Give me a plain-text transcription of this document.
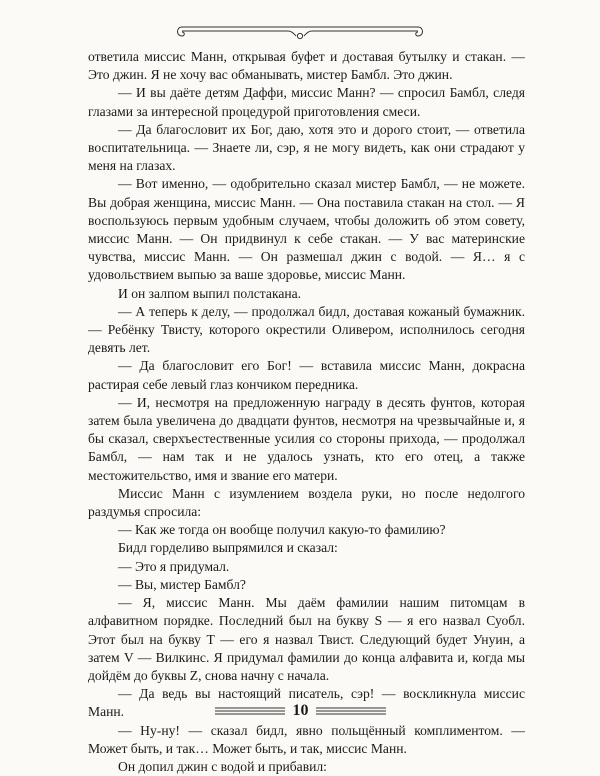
ответила миссис Манн, открывая буфет и доставая бутылку и стакан. — Это джин. Я не хочу вас обманывать, мистер Бамбл. Это джин.

— И вы даёте детям Даффи, миссис Манн? — спросил Бамбл, следя глазами за интересной процедурой приготовления смеси.

— Да благословит их Бог, даю, хотя это и дорого стоит, — ответила воспитательница. — Знаете ли, сэр, я не могу видеть, как они страдают у меня на глазах.

— Вот именно, — одобрительно сказал мистер Бамбл, — не можете. Вы добрая женщина, миссис Манн. — Она поставила стакан на стол. — Я воспользуюсь первым удобным случаем, чтобы доложить об этом совету, миссис Манн. — Он придвинул к себе стакан. — У вас материнские чувства, миссис Манн. — Он размешал джин с водой. — Я… я с удовольствием выпью за ваше здоровье, миссис Манн.

И он залпом выпил полстакана.

— А теперь к делу, — продолжал бидл, доставая кожаный бумажник. — Ребёнку Твисту, которого окрестили Оливером, исполнилось сегодня девять лет.

— Да благословит его Бог! — вставила миссис Манн, докрасна растирая себе левый глаз кончиком передника.

— И, несмотря на предложенную награду в десять фунтов, которая затем была увеличена до двадцати фунтов, несмотря на чрезвычайные и, я бы сказал, сверхъестественные усилия со стороны прихода, — продолжал Бамбл, — нам так и не удалось узнать, кто его отец, а также местожительство, имя и звание его матери.

Миссис Манн с изумлением воздела руки, но после недолгого раздумья спросила:

— Как же тогда он вообще получил какую-то фамилию?

Бидл горделиво выпрямился и сказал:

— Это я придумал.

— Вы, мистер Бамбл?

— Я, миссис Манн. Мы даём фамилии нашим питомцам в алфавитном порядке. Последний был на букву S — я его назвал Суобл. Этот был на букву T — его я назвал Твист. Следующий будет Унуин, а затем V — Вилкинс. Я придумал фамилии до конца алфавита и, когда мы дойдём до буквы Z, снова начну с начала.

— Да ведь вы настоящий писатель, сэр! — воскликнула миссис Манн.

— Ну-ну! — сказал бидл, явно польщённый комплиментом. — Может быть, и так… Может быть, и так, миссис Манн.

Он допил джин с водой и прибавил:

10
